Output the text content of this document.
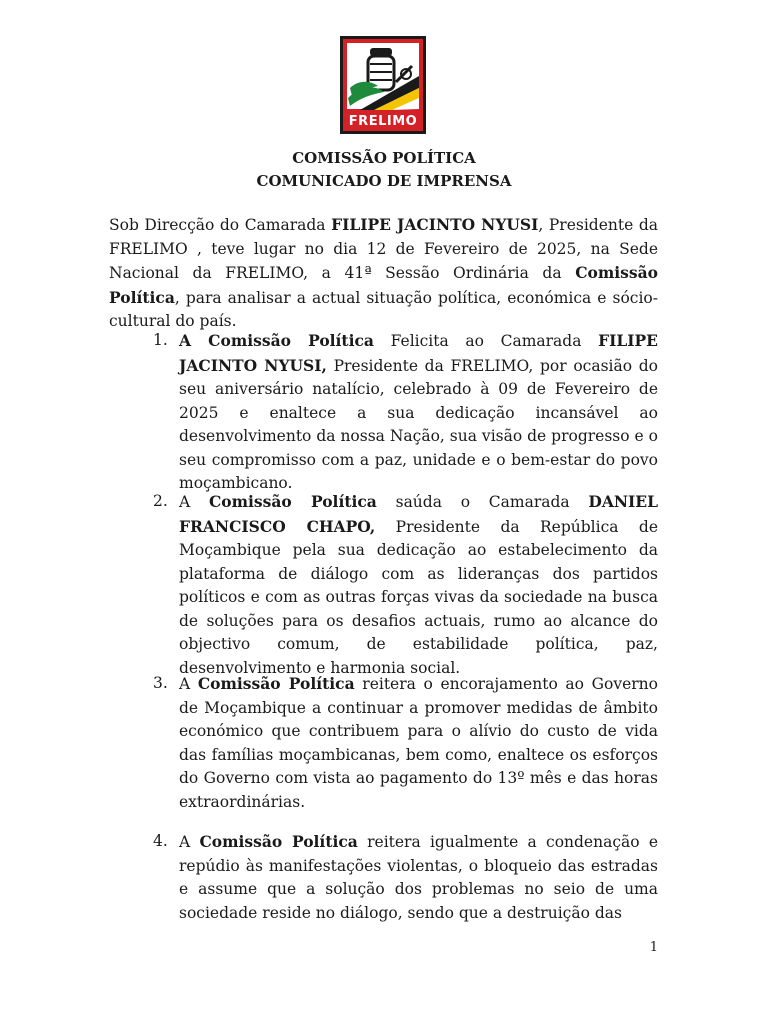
FRELIMO
COMISSÃO POLÍTICA
COMUNICADO DE IMPRENSA
Sob Direcção do Camarada FILIPE JACINTO NYUSI, Presidente da FRELIMO , teve lugar no dia 12 de Fevereiro de 2025, na Sede Nacional da FRELIMO, a 41ª Sessão Ordinária da Comissão Política, para analisar a actual situação política, económica e sócio-cultural do país.
1. A Comissão Política Felicita ao Camarada FILIPE JACINTO NYUSI, Presidente da FRELIMO, por ocasião do seu aniversário natalício, celebrado à 09 de Fevereiro de 2025 e enaltece a sua dedicação incansável ao desenvolvimento da nossa Nação, sua visão de progresso e o seu compromisso com a paz, unidade e o bem-estar do povo moçambicano.
2. A Comissão Política saúda o Camarada DANIEL FRANCISCO CHAPO, Presidente da República de Moçambique pela sua dedicação ao estabelecimento da plataforma de diálogo com as lideranças dos partidos políticos e com as outras forças vivas da sociedade na busca de soluções para os desafios actuais, rumo ao alcance do objectivo comum, de estabilidade política, paz, desenvolvimento e harmonia social.
3. A Comissão Política reitera o encorajamento ao Governo de Moçambique a continuar a promover medidas de âmbito económico que contribuem para o alívio do custo de vida das famílias moçambicanas, bem como, enaltece os esforços do Governo com vista ao pagamento do 13º mês e das horas extraordinárias.
4. A Comissão Política reitera igualmente a condenação e repúdio às manifestações violentas, o bloqueio das estradas e assume que a solução dos problemas no seio de uma sociedade reside no diálogo, sendo que a destruição das
1
